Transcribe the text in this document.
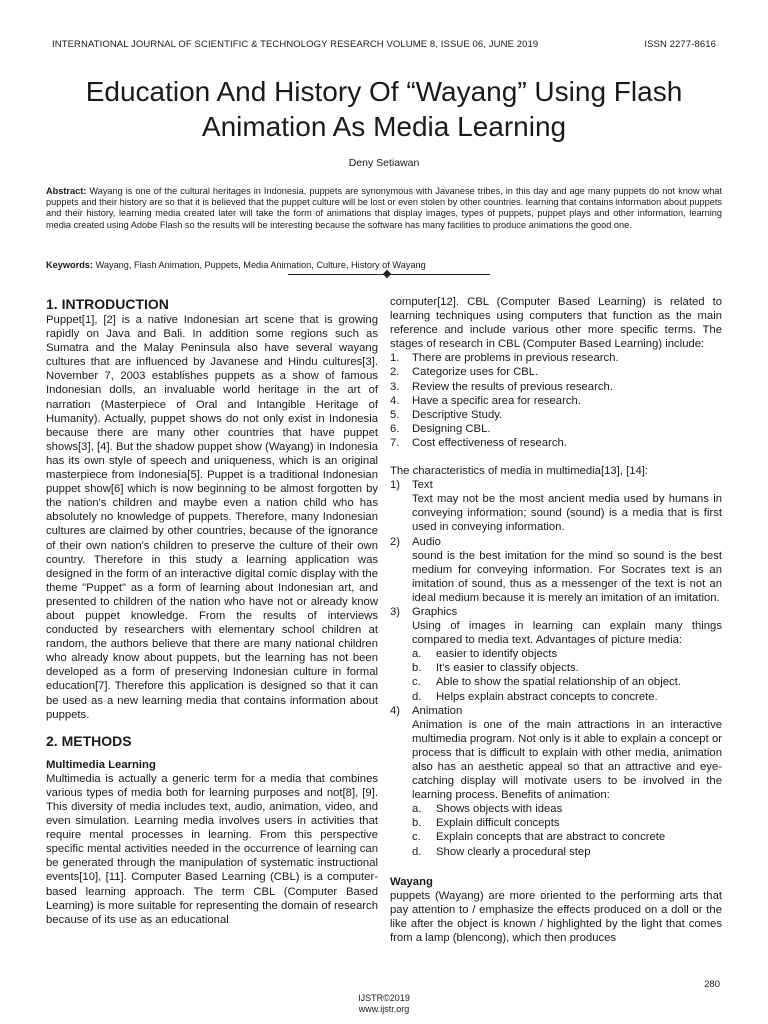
INTERNATIONAL JOURNAL OF SCIENTIFIC & TECHNOLOGY RESEARCH VOLUME 8, ISSUE 06, JUNE 2019	ISSN 2277-8616
Education And History Of “Wayang” Using Flash
Animation As Media Learning
Deny Setiawan

Abstract: Wayang is one of the cultural heritages in Indonesia, puppets are synonymous with Javanese tribes, in this day and age many puppets do not know what puppets and their history are so that it is believed that the puppet culture will be lost or even stolen by other countries. learning that contains information about puppets and their history, learning media created later will take the form of animations that display images, types of puppets, puppet plays and other information, learning media created using Adobe Flash so the results will be interesting because the software has many facilities to produce animations the good one.

Keywords: Wayang, Flash Animation, Puppets, Media Animation, Culture, History of Wayang

1. INTRODUCTION

Puppet[1], [2] is a native Indonesian art scene that is growing rapidly on Java and Bali. In addition some regions such as Sumatra and the Malay Peninsula also have several wayang cultures that are influenced by Javanese and Hindu cultures[3]. November 7, 2003 establishes puppets as a show of famous Indonesian dolls, an invaluable world heritage in the art of narration (Masterpiece of Oral and Intangible Heritage of Humanity). Actually, puppet shows do not only exist in Indonesia because there are many other countries that have puppet shows[3], [4]. But the shadow puppet show (Wayang) in Indonesia has its own style of speech and uniqueness, which is an original masterpiece from Indonesia[5]. Puppet is a traditional Indonesian puppet show[6] which is now beginning to be almost forgotten by the nation's children and maybe even a nation child who has absolutely no knowledge of puppets. Therefore, many Indonesian cultures are claimed by other countries, because of the ignorance of their own nation's children to preserve the culture of their own country. Therefore in this study a learning application was designed in the form of an interactive digital comic display with the theme "Puppet" as a form of learning about Indonesian art, and presented to children of the nation who have not or already know about puppet knowledge. From the results of interviews conducted by researchers with elementary school children at random, the authors believe that there are many national children who already know about puppets, but the learning has not been developed as a form of preserving Indonesian culture in formal education[7]. Therefore this application is designed so that it can be used as a new learning media that contains information about puppets.

2. METHODS
Multimedia Learning

Multimedia is actually a generic term for a media that combines various types of media both for learning purposes and not[8], [9]. This diversity of media includes text, audio, animation, video, and even simulation. Learning media involves users in activities that require mental processes in learning. From this perspective specific mental activities needed in the occurrence of learning can be generated through the manipulation of systematic instructional events[10], [11]. Computer Based Learning (CBL) is a computer-based learning approach. The term CBL (Computer Based Learning) is more suitable for representing the domain of research because of its use as an educational

computer[12]. CBL (Computer Based Learning) is related to learning techniques using computers that function as the main reference and include various other more specific terms. The stages of research in CBL (Computer Based Learning) include:

1.	There are problems in previous research.
2.	Categorize uses for CBL.
3.	Review the results of previous research.
4.	Have a specific area for research.
5.	Descriptive Study.
6.	Designing CBL.
7.	Cost effectiveness of research.

The characteristics of media in multimedia[13], [14]:

1)	Text

Text may not be the most ancient media used by humans in conveying information; sound (sound) is a media that is first used in conveying information.

2)	Audio

sound is the best imitation for the mind so sound is the best medium for conveying information. For Socrates text is an imitation of sound, thus as a messenger of the text is not an ideal medium because it is merely an imitation of an imitation.

3)	Graphics

Using of images in learning can explain many things compared to media text. Advantages of picture media:

a.	easier to identify objects
b.	It's easier to classify objects.
c.	Able to show the spatial relationship of an object.
d.	Helps explain abstract concepts to concrete.
4)	Animation

Animation is one of the main attractions in an interactive multimedia program. Not only is it able to explain a concept or process that is difficult to explain with other media, animation also has an aesthetic appeal so that an attractive and eye-catching display will motivate users to be involved in the learning process. Benefits of animation:

a.	Shows objects with ideas
b.	Explain difficult concepts
c.	Explain concepts that are abstract to concrete
d.	Show clearly a procedural step
Wayang

puppets (Wayang) are more oriented to the performing arts that pay attention to / emphasize the effects produced on a doll or the like after the object is known / highlighted by the light that comes from a lamp (blencong), which then produces

280
IJSTR©2019
www.ijstr.org
